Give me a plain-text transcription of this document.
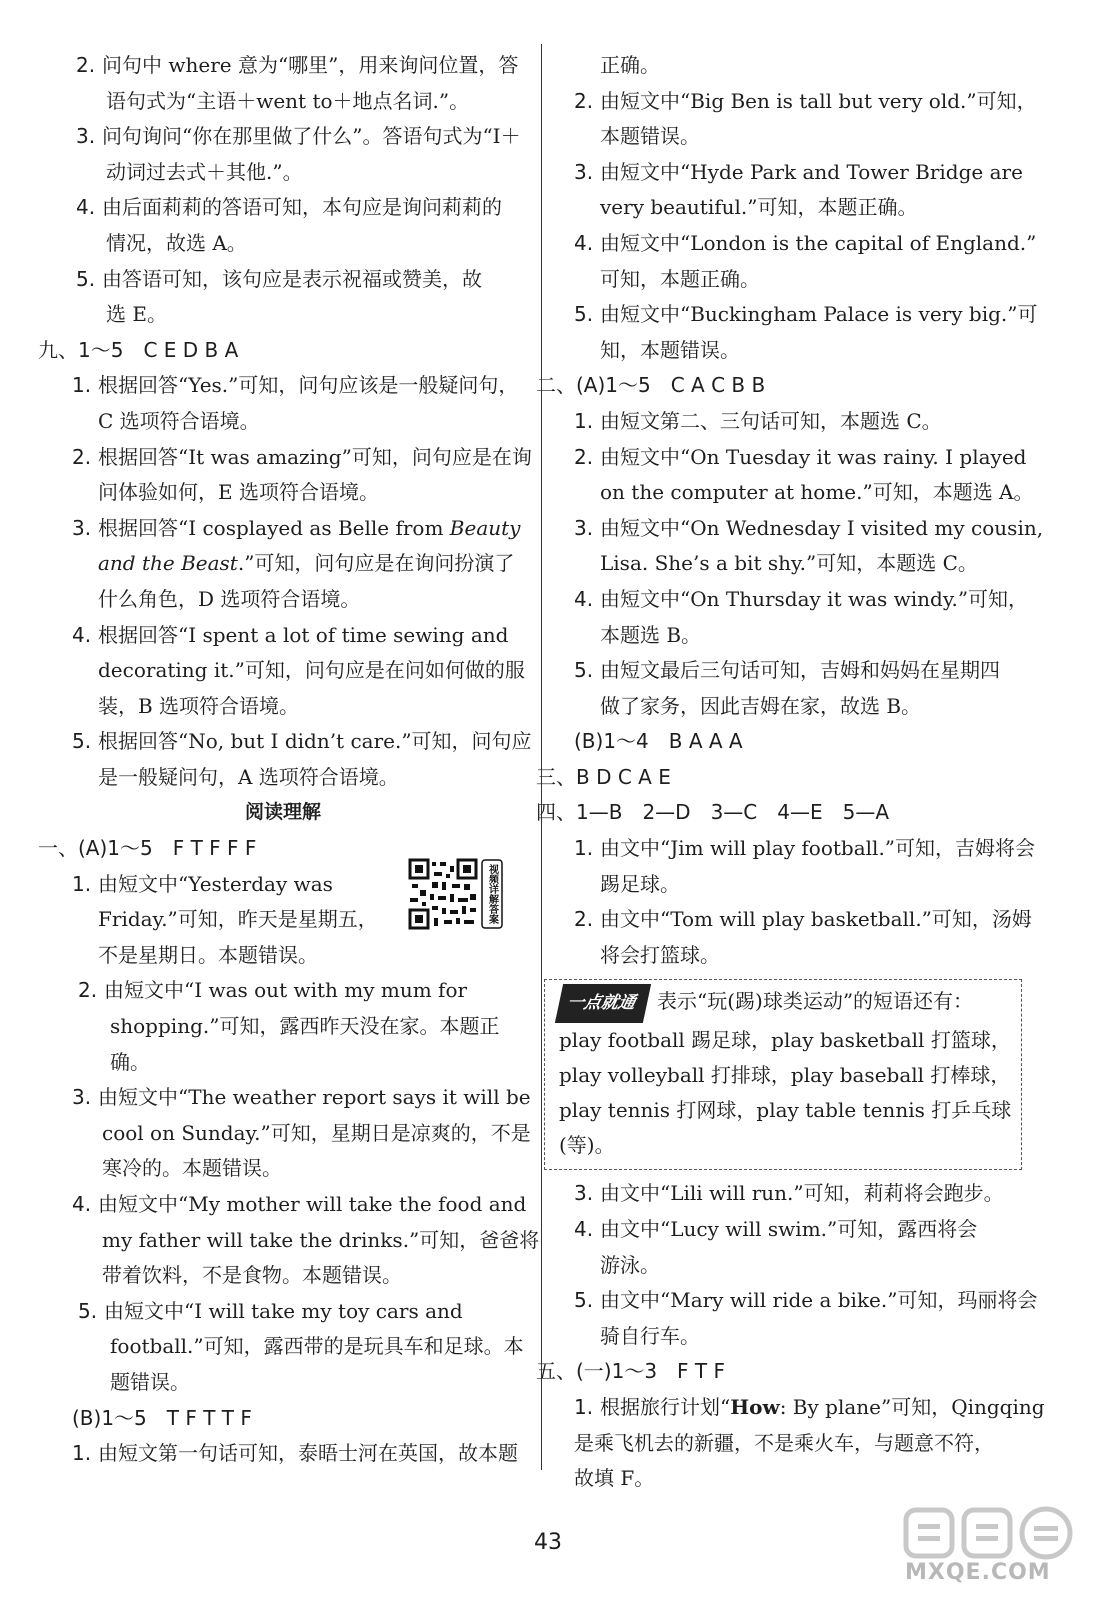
2. 问句中 where 意为“哪里”，用来询问位置，答

语句式为“主语＋went to＋地点名词.”。

3. 问句询问“你在那里做了什么”。答语句式为“I＋

动词过去式＋其他.”。

4. 由后面莉莉的答语可知，本句应是询问莉莉的

情况，故选 A。

5. 由答语可知，该句应是表示祝福或赞美，故

选 E。

九、1～5　C E D B A

1. 根据回答“Yes.”可知，问句应该是一般疑问句，

C 选项符合语境。

2. 根据回答“It was amazing”可知，问句应是在询

问体验如何，E 选项符合语境。

3. 根据回答“I cosplayed as Belle from Beauty

and the Beast.”可知，问句应是在询问扮演了

什么角色，D 选项符合语境。

4. 根据回答“I spent a lot of time sewing and

decorating it.”可知，问句应是在问如何做的服

装，B 选项符合语境。

5. 根据回答“No, but I didn’t care.”可知，问句应

是一般疑问句，A 选项符合语境。

阅读理解

一、(A)1～5　F T F F F

1. 由短文中“Yesterday was

Friday.”可知，昨天是星期五，

不是星期日。本题错误。

2. 由短文中“I was out with my mum for

shopping.”可知，露西昨天没在家。本题正

确。

3. 由短文中“The weather report says it will be

cool on Sunday.”可知，星期日是凉爽的，不是

寒冷的。本题错误。

4. 由短文中“My mother will take the food and

my father will take the drinks.”可知，爸爸将

带着饮料，不是食物。本题错误。

5. 由短文中“I will take my toy cars and

football.”可知，露西带的是玩具车和足球。本

题错误。

(B)1～5　T F T T F

1. 由短文第一句话可知，泰晤士河在英国，故本题

视频详解答案

正确。

2. 由短文中“Big Ben is tall but very old.”可知，

本题错误。

3. 由短文中“Hyde Park and Tower Bridge are

very beautiful.”可知，本题正确。

4. 由短文中“London is the capital of England.”

可知，本题正确。

5. 由短文中“Buckingham Palace is very big.”可

知，本题错误。

二、(A)1～5　C A C B B

1. 由短文第二、三句话可知，本题选 C。

2. 由短文中“On Tuesday it was rainy. I played

on the computer at home.”可知，本题选 A。

3. 由短文中“On Wednesday I visited my cousin,

Lisa. She’s a bit shy.”可知，本题选 C。

4. 由短文中“On Thursday it was windy.”可知，

本题选 B。

5. 由短文最后三句话可知，吉姆和妈妈在星期四

做了家务，因此吉姆在家，故选 B。

(B)1～4　B A A A

三、B D C A E

四、1—B　2—D　3—C　4—E　5—A

1. 由文中“Jim will play football.”可知，吉姆将会

踢足球。

2. 由文中“Tom will play basketball.”可知，汤姆

将会打篮球。

一点就通 表示“玩(踢)球类运动”的短语还有：

play football 踢足球，play basketball 打篮球，

play volleyball 打排球，play baseball 打棒球，

play tennis 打网球，play table tennis 打乒乓球

(等)。

3. 由文中“Lili will run.”可知，莉莉将会跑步。

4. 由文中“Lucy will swim.”可知，露西将会

游泳。

5. 由文中“Mary will ride a bike.”可知，玛丽将会

骑自行车。

五、(一)1～3　F T F

1. 根据旅行计划“How: By plane”可知，Qingqing

是乘飞机去的新疆，不是乘火车，与题意不符，

故填 F。

43
MXQE.COM
